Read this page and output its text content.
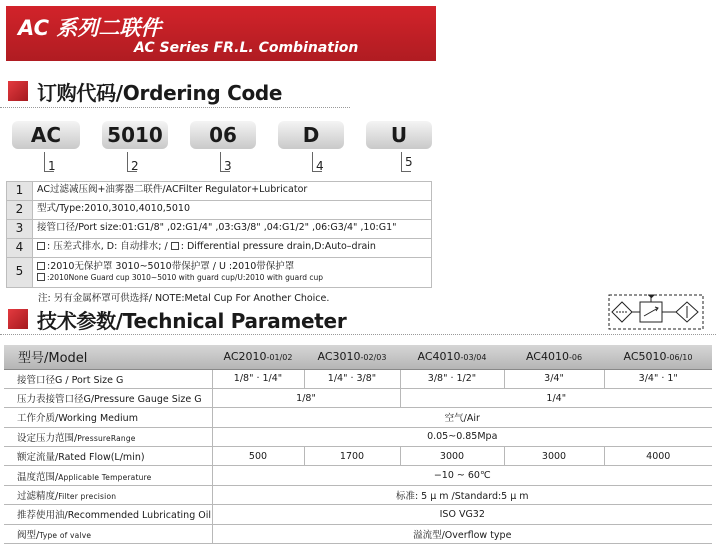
AC 系列二联件
AC Series FR.L. Combination
订购代码/Ordering Code
AC	5010	06	D	U
1	2	3	4	5
1	AC过滤减压阀+油雾器二联件/ACFilter Regulator+Lubricator
2	型式/Type:2010,3010,4010,5010
3	接管口径/Port size:01:G1/8" ,02:G1/4" ,03:G3/8" ,04:G1/2" ,06:G3/4" ,10:G1"
4	: 压差式排水, D: 自动排水; / : Differential pressure drain,D:Auto–drain
5	:2010无保护罩 3010~5010带保护罩 / U :2010带保护罩
:2010None Guard cup 3010~5010 with guard cup/U:2010 with guard cup
注: 另有金属杯罩可供选择/ NOTE:Metal Cup For Another Choice.
技术参数/Technical Parameter
型号/Model	AC2010-01/02	AC3010-02/03	AC4010-03/04	AC4010-06	AC5010-06/10
接管口径G / Port Size G	1/8" · 1/4"	1/4" · 3/8"	3/8" · 1/2"	3/4"	3/4" · 1"
压力表接管口径G/Pressure Gauge Size G	1/8"		1/4"		
工作介质/Working Medium	空气/Air				
设定压力范围/PressureRange	0.05~0.85Mpa				
额定流量/Rated Flow(L/min)	500	1700	3000	3000	4000
温度范围/Applicable Temperature	−10 ~ 60℃				
过滤精度/Filter precision	标准: 5 μ m /Standard:5 μ m				
推荐使用油/Recommended Lubricating Oil	ISO VG32				
阀型/Type of valve	溢流型/Overflow type				
